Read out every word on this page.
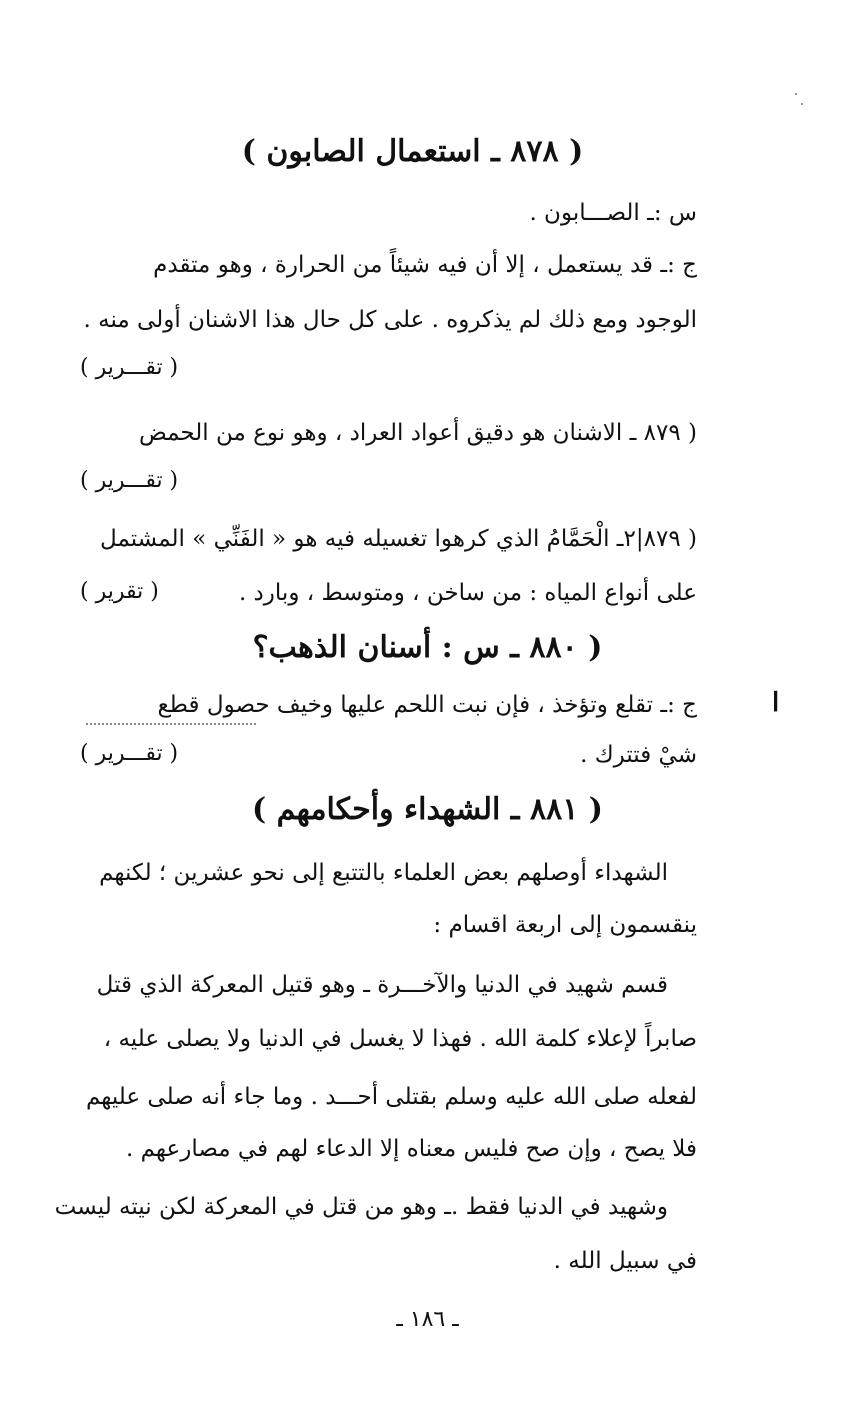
( ٨٧٨ ـ استعمال الصابون )
س :ـ الصـــابون .
ج :ـ قد يستعمل ، إلا أن فيه شيئاً من الحرارة ، وهو متقدم
الوجود ومع ذلك لم يذكروه . على كل حال هذا الاشنان أولى منه .
( تقـــرير )
( ٨٧٩ ـ الاشنان هو دقيق أعواد العراد ، وهو نوع من الحمض
( تقـــرير )
( ٨٧٩|٢ـ الْحَمَّامُ الذي كرهوا تغسيله فيه هو « الفَنِّي » المشتمل
على أنواع المياه : من ساخن ، ومتوسط ، وبارد .
( تقرير )
( ٨٨٠ ـ س : أسنان الذهب؟
ا
ج :ـ تقلع وتؤخذ ، فإن نبت اللحم عليها وخيف حصول قطع
شيْ فتترك .
( تقـــرير )
( ٨٨١ ـ الشهداء وأحكامهم )
الشهداء أوصلهم بعض العلماء بالتتبع إلى نحو عشرين ؛ لكنهم
ينقسمون إلى اربعة اقسام :
قسم شهيد في الدنيا والآخـــرة ـ وهو قتيل المعركة الذي قتل
صابراً لإعلاء كلمة الله . فهذا لا يغسل في الدنيا ولا يصلى عليه ،
لفعله صلى الله عليه وسلم بقتلى أحـــد . وما جاء أنه صلى عليهم
فلا يصح ، وإن صح فليس معناه إلا الدعاء لهم في مصارعهم .
وشهيد في الدنيا فقط .ـ وهو من قتل في المعركة لكن نيته ليست
في سبيل الله .
ـ ١٨٦ ـ
